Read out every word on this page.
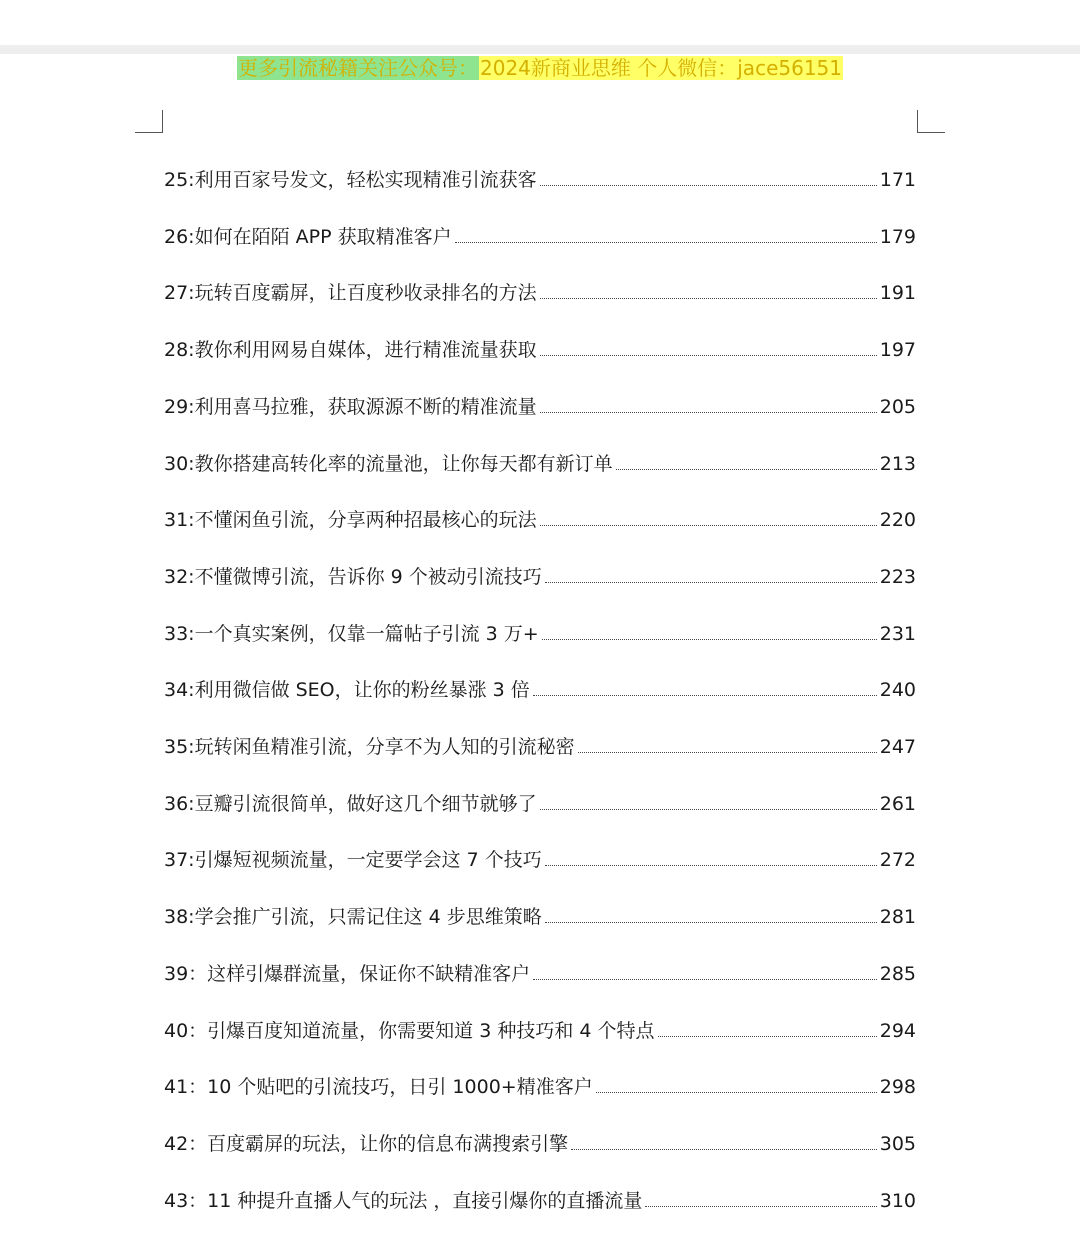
更多引流秘籍关注公众号： 2024新商业思维 个人微信：jace56151
25:利用百家号发文，轻松实现精准引流获客	171
26:如何在陌陌 APP 获取精准客户	179
27:玩转百度霸屏，让百度秒收录排名的方法	191
28:教你利用网易自媒体，进行精准流量获取	197
29:利用喜马拉雅，获取源源不断的精准流量	205
30:教你搭建高转化率的流量池，让你每天都有新订单	213
31:不懂闲鱼引流，分享两种招最核心的玩法	220
32:不懂微博引流，告诉你 9 个被动引流技巧	223
33:一个真实案例，仅靠一篇帖子引流 3 万+	231
34:利用微信做 SEO，让你的粉丝暴涨 3 倍	240
35:玩转闲鱼精准引流，分享不为人知的引流秘密	247
36:豆瓣引流很简单，做好这几个细节就够了	261
37:引爆短视频流量，一定要学会这 7 个技巧	272
38:学会推广引流，只需记住这 4 步思维策略	281
39：这样引爆群流量，保证你不缺精准客户	285
40：引爆百度知道流量，你需要知道 3 种技巧和 4 个特点	294
41：10 个贴吧的引流技巧，日引 1000+精准客户	298
42：百度霸屏的玩法，让你的信息布满搜索引擎	305
43：11 种提升直播人气的玩法 ，直接引爆你的直播流量	310
